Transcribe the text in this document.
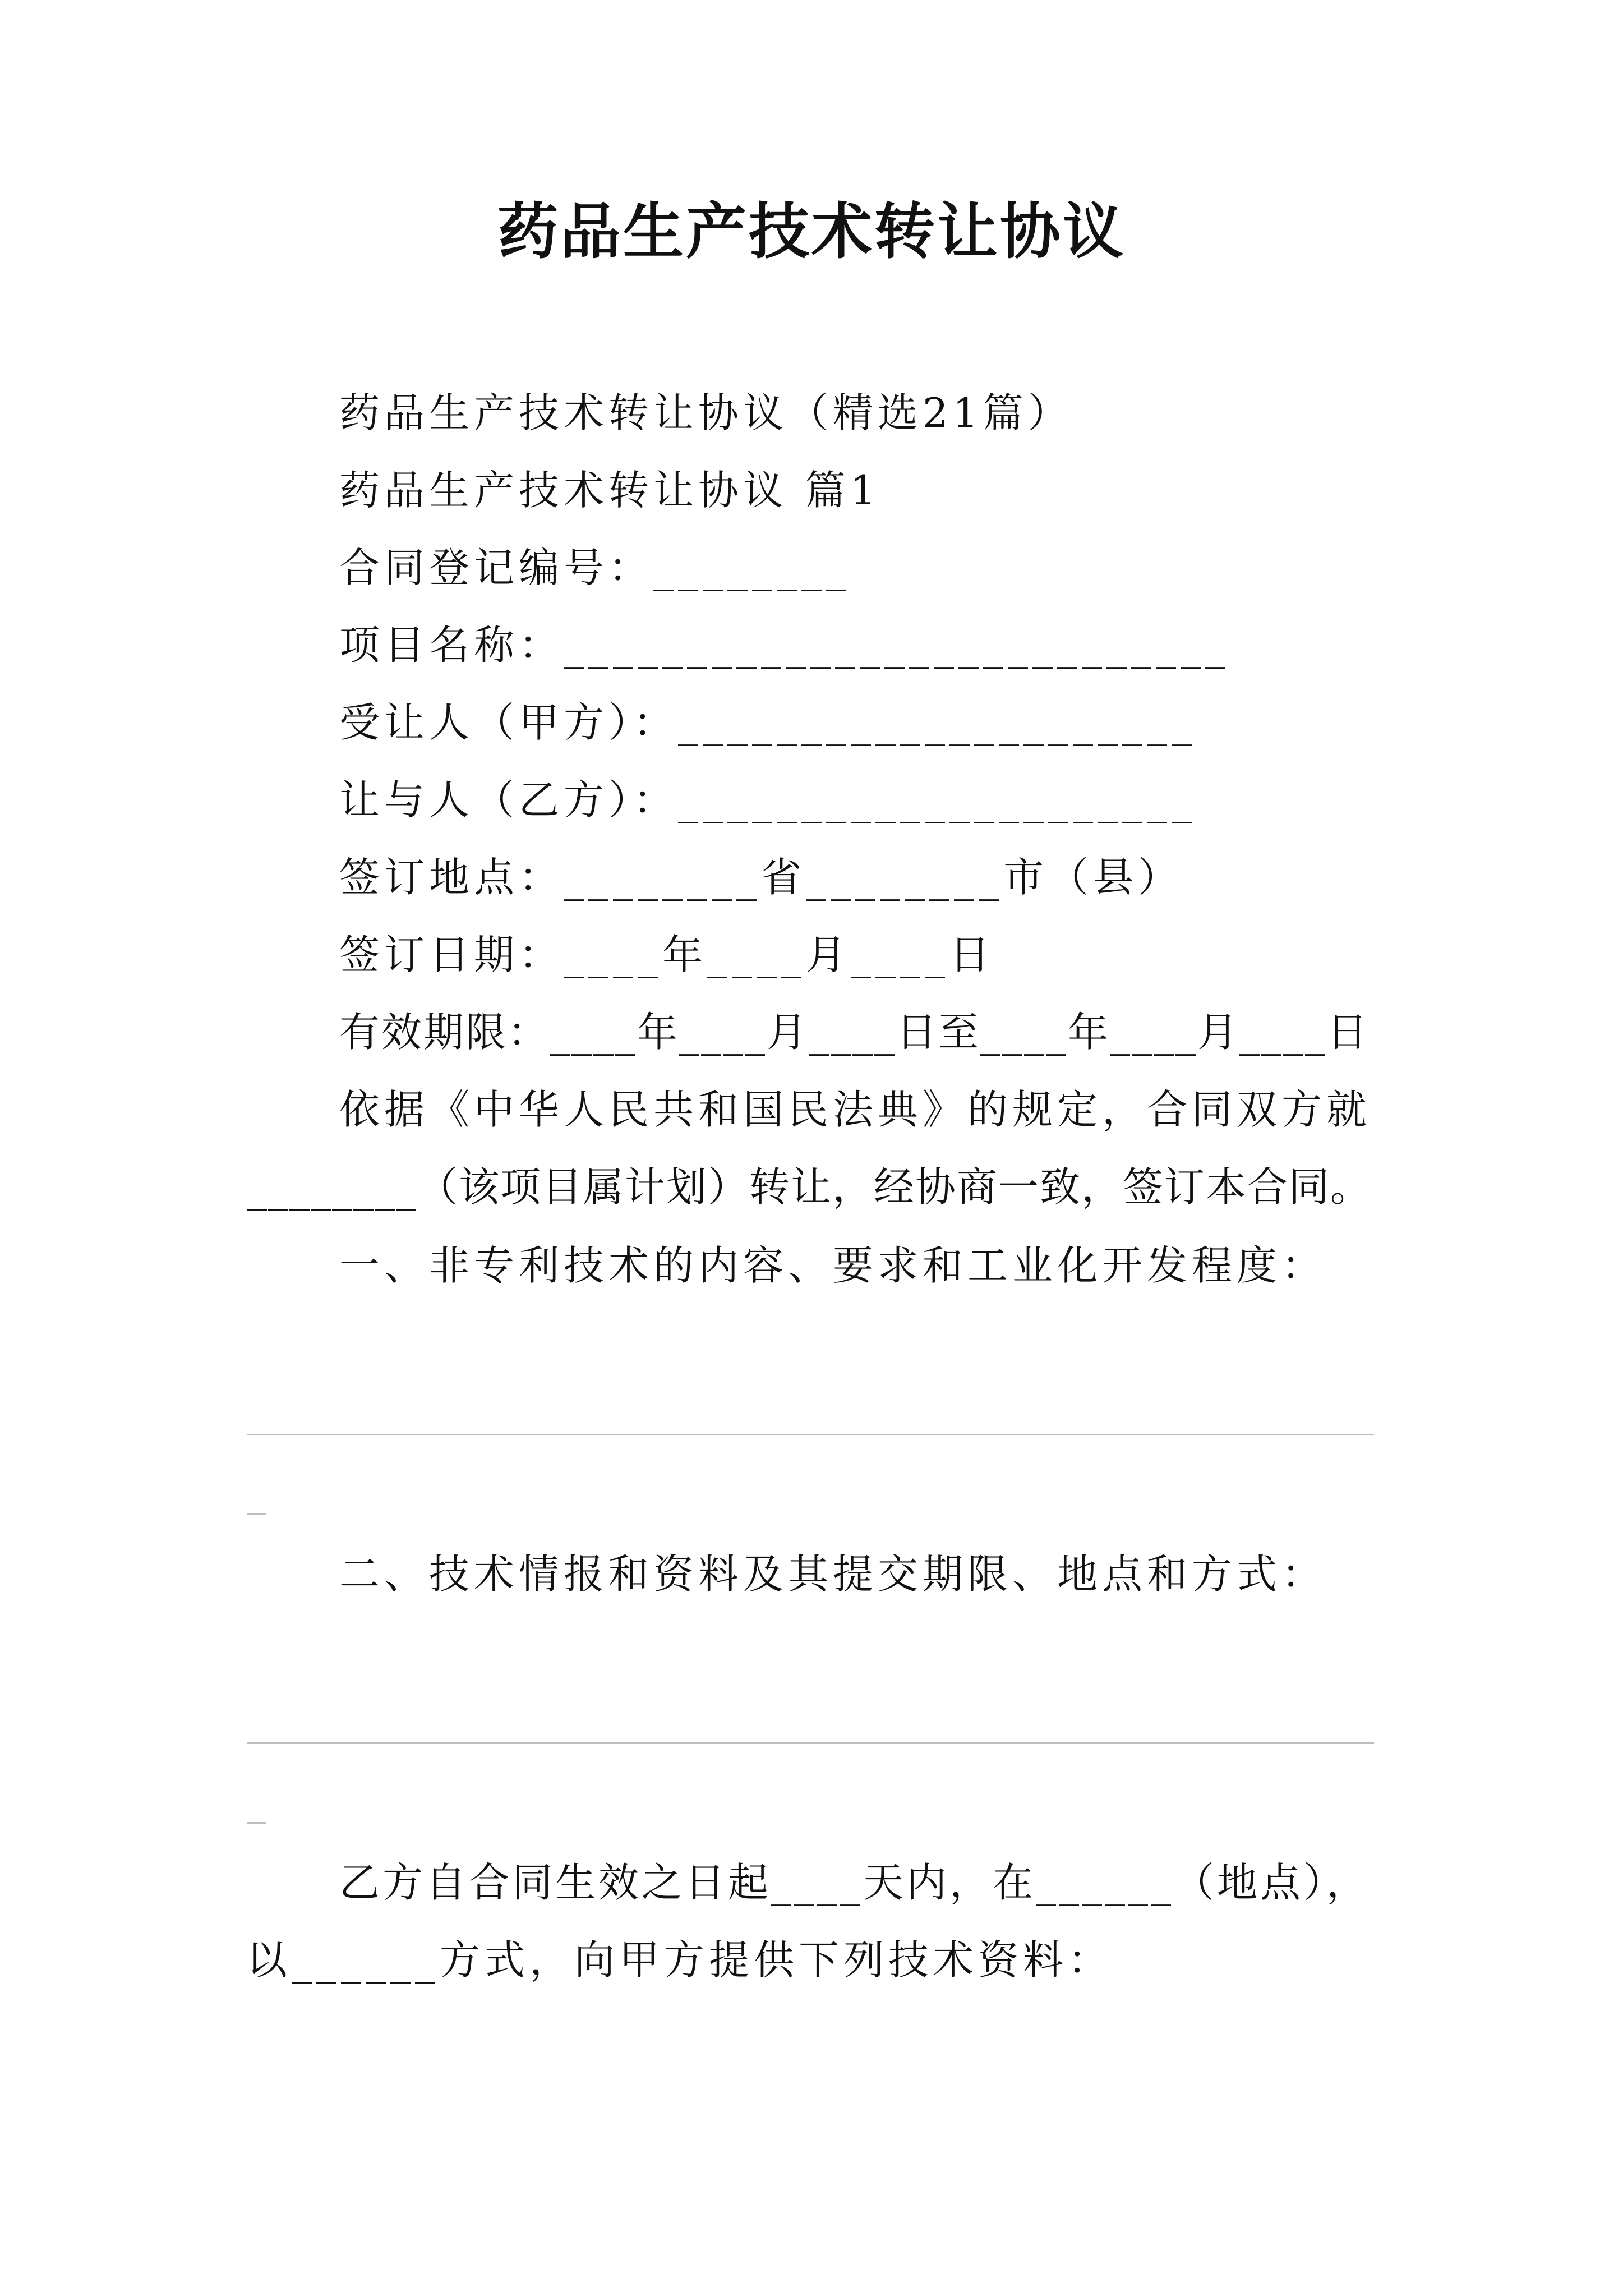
药品生产技术转让协议
药品生产技术转让协议（精选21篇）
药品生产技术转让协议 篇1
合同登记编号：________
项目名称：___________________________
受让人（甲方）：_____________________
让与人（乙方）：_____________________
签订地点：________省________市（县）
签订日期：____年____月____日
有效期限：____年____月____日至____年____月____日
依据《中华人民共和国民法典》的规定，合同双方就
________（该项目属计划）转让，经协商一致，签订本合同。
一、非专利技术的内容、要求和工业化开发程度：
二、技术情报和资料及其提交期限、地点和方式：
乙方自合同生效之日起____天内，在______（地点），
以______方式，向甲方提供下列技术资料：
